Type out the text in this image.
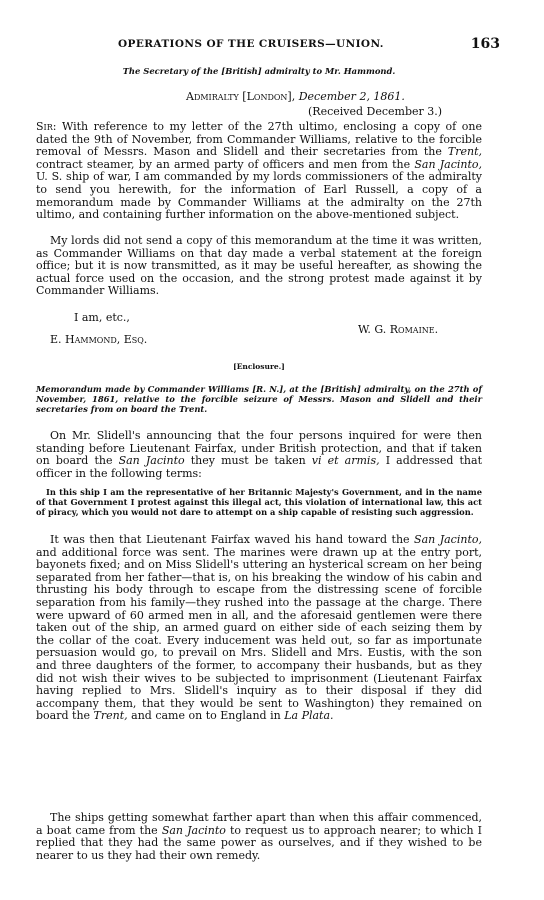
OPERATIONS OF THE CRUISERS—UNION.	163
The Secretary of the [British] admiralty to Mr. Hammond.
Admiralty [London], December 2, 1861.
(Received December 3.)
Sir: With reference to my letter of the 27th ultimo, enclosing a copy of one dated the 9th of November, from Commander Williams, relative to the forcible removal of Messrs. Mason and Slidell and their secretaries from the Trent, contract steamer, by an armed party of officers and men from the San Jacinto, U. S. ship of war, I am commanded by my lords commissioners of the admiralty to send you herewith, for the information of Earl Russell, a copy of a memorandum made by Commander Williams at the admiralty on the 27th ultimo, and containing further information on the above-mentioned subject.
My lords did not send a copy of this memorandum at the time it was written, as Commander Williams on that day made a verbal statement at the foreign office; but it is now transmitted, as it may be useful hereafter, as showing the actual force used on the occasion, and the strong protest made against it by Commander Williams.
I am, etc.,
W. G. Romaine.
E. Hammond, Esq.
[Enclosure.]
Memorandum made by Commander Williams [R. N.], at the [British] admiralty, on the 27th of November, 1861, relative to the forcible seizure of Messrs. Mason and Slidell and their secretaries from on board the Trent.
On Mr. Slidell's announcing that the four persons inquired for were then standing before Lieutenant Fairfax, under British protection, and that if taken on board the San Jacinto they must be taken vi et armis, I addressed that officer in the following terms:
In this ship I am the representative of her Britannic Majesty's Government, and in the name of that Government I protest against this illegal act, this violation of international law, this act of piracy, which you would not dare to attempt on a ship capable of resisting such aggression.
It was then that Lieutenant Fairfax waved his hand toward the San Jacinto, and additional force was sent. The marines were drawn up at the entry port, bayonets fixed; and on Miss Slidell's uttering an hysterical scream on her being separated from her father—that is, on his breaking the window of his cabin and thrusting his body through to escape from the distressing scene of forcible separation from his family—they rushed into the passage at the charge. There were upward of 60 armed men in all, and the aforesaid gentlemen were there taken out of the ship, an armed guard on either side of each seizing them by the collar of the coat. Every inducement was held out, so far as importunate persuasion would go, to prevail on Mrs. Slidell and Mrs. Eustis, with the son and three daughters of the former, to accompany their husbands, but as they did not wish their wives to be subjected to imprisonment (Lieutenant Fairfax having replied to Mrs. Slidell's inquiry as to their disposal if they did accompany them, that they would be sent to Washington) they remained on board the Trent, and came on to England in La Plata.
The ships getting somewhat farther apart than when this affair commenced, a boat came from the San Jacinto to request us to approach nearer; to which I replied that they had the same power as ourselves, and if they wished to be nearer to us they had their own remedy.
